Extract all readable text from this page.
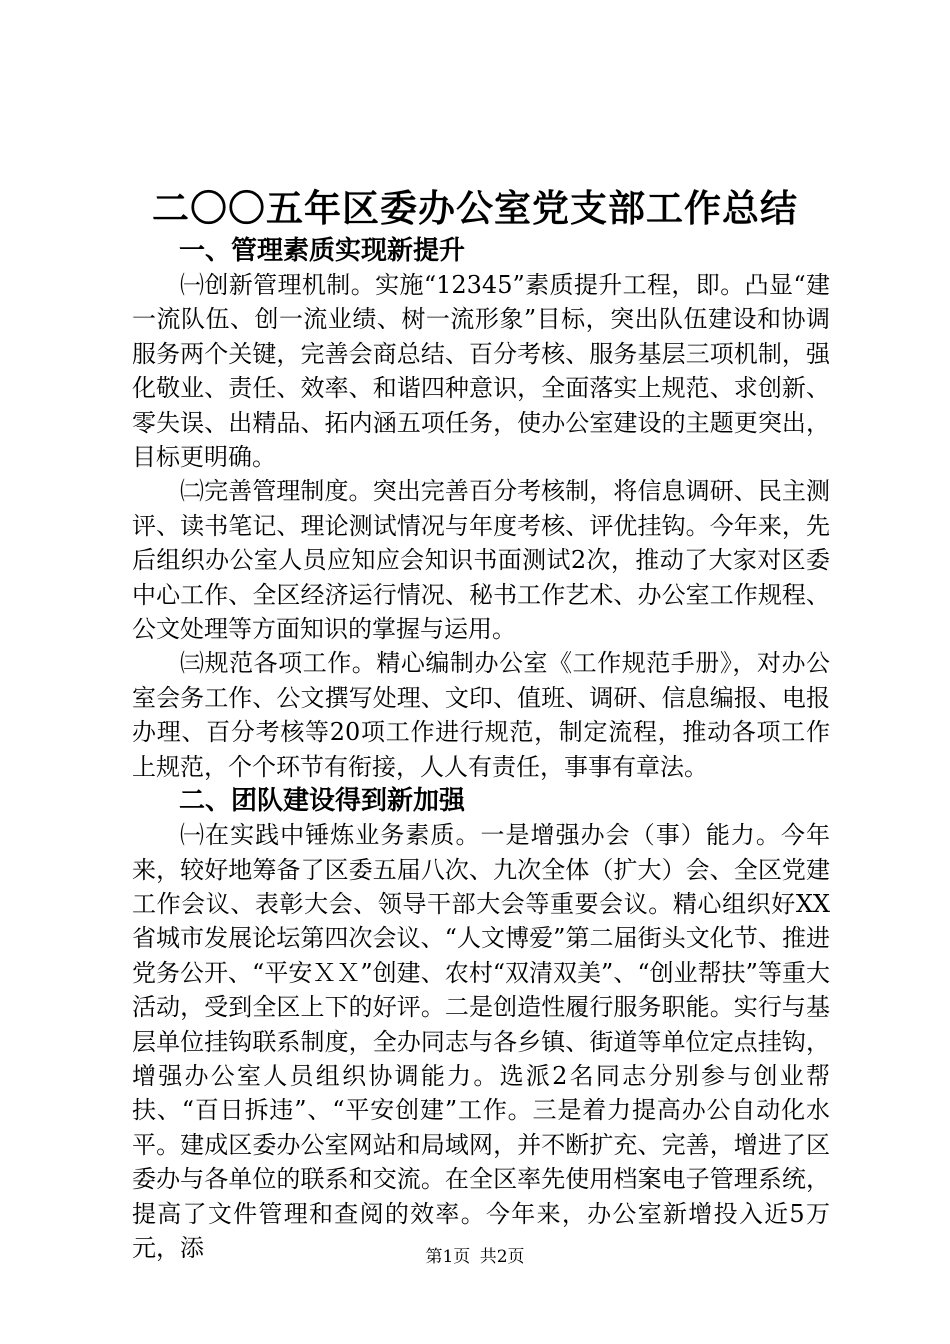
二〇〇五年区委办公室党支部工作总结

一、管理素质实现新提升

㈠创新管理机制。实施“12345”素质提升工程，即。凸显“建一流队伍、创一流业绩、树一流形象”目标，突出队伍建设和协调服务两个关键，完善会商总结、百分考核、服务基层三项机制，强化敬业、责任、效率、和谐四种意识，全面落实上规范、求创新、零失误、出精品、拓内涵五项任务，使办公室建设的主题更突出，目标更明确。

㈡完善管理制度。突出完善百分考核制，将信息调研、民主测评、读书笔记、理论测试情况与年度考核、评优挂钩。今年来，先后组织办公室人员应知应会知识书面测试2次，推动了大家对区委中心工作、全区经济运行情况、秘书工作艺术、办公室工作规程、公文处理等方面知识的掌握与运用。

㈢规范各项工作。精心编制办公室《工作规范手册》，对办公室会务工作、公文撰写处理、文印、值班、调研、信息编报、电报办理、百分考核等20项工作进行规范，制定流程，推动各项工作上规范，个个环节有衔接，人人有责任，事事有章法。

二、团队建设得到新加强

㈠在实践中锤炼业务素质。一是增强办会（事）能力。今年来，较好地筹备了区委五届八次、九次全体（扩大）会、全区党建工作会议、表彰大会、领导干部大会等重要会议。精心组织好XX省城市发展论坛第四次会议、“人文博爱”第二届街头文化节、推进党务公开、“平安ＸＸ”创建、农村“双清双美”、“创业帮扶”等重大活动，受到全区上下的好评。二是创造性履行服务职能。实行与基层单位挂钩联系制度，全办同志与各乡镇、街道等单位定点挂钩，增强办公室人员组织协调能力。选派2名同志分别参与创业帮扶、“百日拆违”、“平安创建”工作。三是着力提高办公自动化水平。建成区委办公室网站和局域网，并不断扩充、完善，增进了区委办与各单位的联系和交流。在全区率先使用档案电子管理系统，提高了文件管理和查阅的效率。今年来，办公室新增投入近5万元，添	第1页 共2页
